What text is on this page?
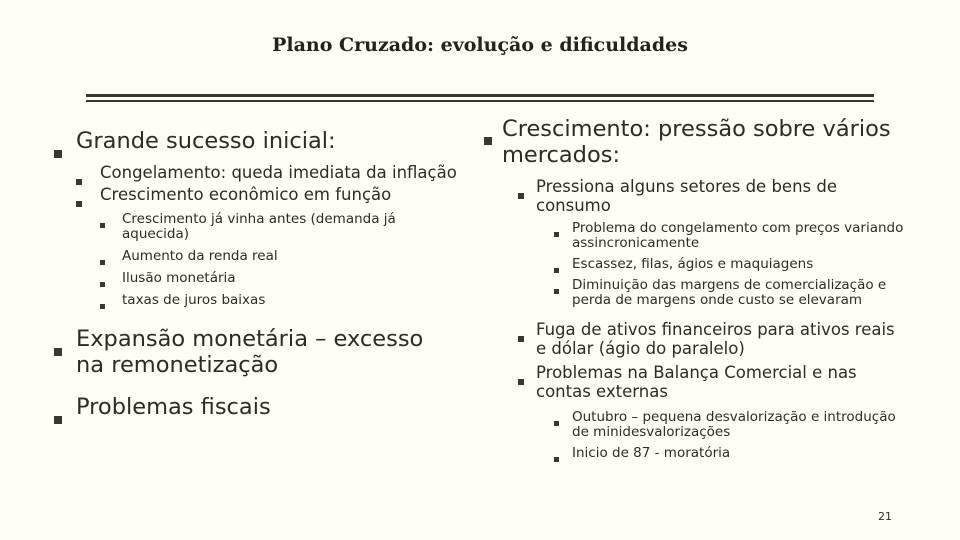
Plano Cruzado: evolução e dificuldades
Grande sucesso inicial:
Congelamento: queda imediata da inflação
Crescimento econômico em função
Crescimento já vinha antes (demanda já aquecida)
Aumento da renda real
Ilusão monetária
taxas de juros baixas
Expansão monetária – excesso na remonetização
Problemas fiscais
Crescimento: pressão sobre vários mercados:
Pressiona alguns setores de bens de consumo
Problema do congelamento com preços variando assincronicamente
Escassez, filas, ágios e maquiagens
Diminuição das margens de comercialização e perda de margens onde custo se elevaram
Fuga de ativos financeiros para ativos reais e dólar (ágio do paralelo)
Problemas na Balança Comercial e nas contas externas
Outubro – pequena desvalorização e introdução de minidesvalorizações
Inicio de 87 - moratória
21
